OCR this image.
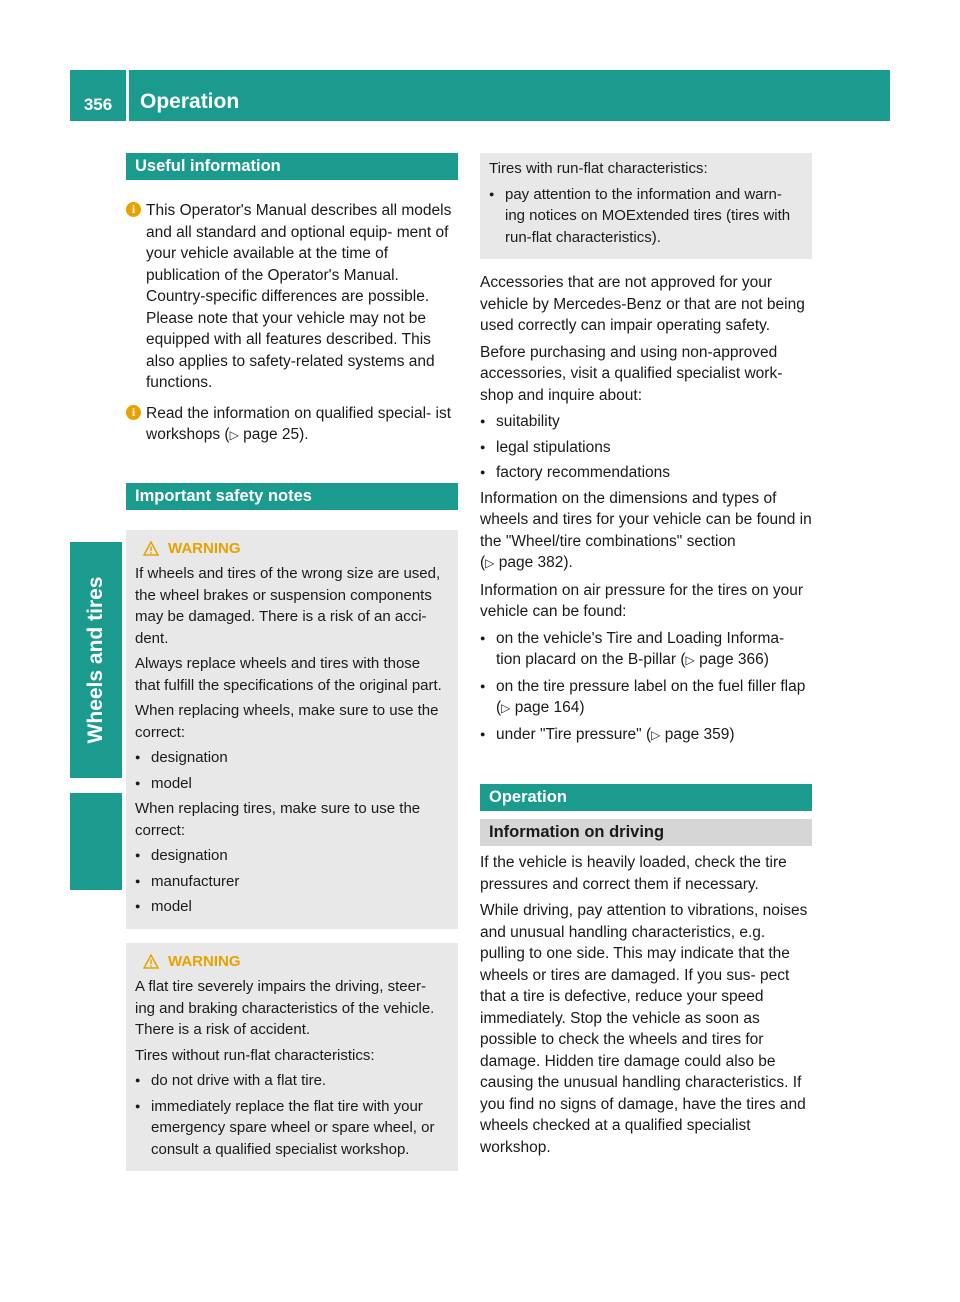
356	Operation
Wheels and tires
Useful information
i This Operator's Manual describes all models and all standard and optional equip- ment of your vehicle available at the time of publication of the Operator's Manual. Country-specific differences are possible. Please note that your vehicle may not be equipped with all features described. This also applies to safety-related systems and functions.
i Read the information on qualified special- ist workshops (▷ page 25).
Important safety notes
WARNING

If wheels and tires of the wrong size are used, the wheel brakes or suspension components may be damaged. There is a risk of an acci- dent.

Always replace wheels and tires with those that fulfill the specifications of the original part.

When replacing wheels, make sure to use the correct:

● designation
● model

When replacing tires, make sure to use the correct:

● designation
● manufacturer
● model
WARNING

A flat tire severely impairs the driving, steer- ing and braking characteristics of the vehicle. There is a risk of accident.

Tires without run-flat characteristics:

● do not drive with a flat tire.
● immediately replace the flat tire with your emergency spare wheel or spare wheel, or consult a qualified specialist workshop.

Tires with run-flat characteristics:

● pay attention to the information and warn- ing notices on MOExtended tires (tires with run-flat characteristics).

Accessories that are not approved for your vehicle by Mercedes-Benz or that are not being used correctly can impair operating safety.

Before purchasing and using non-approved accessories, visit a qualified specialist work- shop and inquire about:

● suitability
● legal stipulations
● factory recommendations

Information on the dimensions and types of wheels and tires for your vehicle can be found in the "Wheel/tire combinations" section
(▷ page 382).

Information on air pressure for the tires on your vehicle can be found:

● on the vehicle's Tire and Loading Informa- tion placard on the B-pillar (▷ page 366)
● on the tire pressure label on the fuel filler flap (▷ page 164)
● under "Tire pressure" (▷ page 359)
Operation
Information on driving

If the vehicle is heavily loaded, check the tire pressures and correct them if necessary.

While driving, pay attention to vibrations, noises and unusual handling characteristics, e.g. pulling to one side. This may indicate that the wheels or tires are damaged. If you sus- pect that a tire is defective, reduce your speed immediately. Stop the vehicle as soon as possible to check the wheels and tires for damage. Hidden tire damage could also be causing the unusual handling characteristics. If you find no signs of damage, have the tires and wheels checked at a qualified specialist workshop.
